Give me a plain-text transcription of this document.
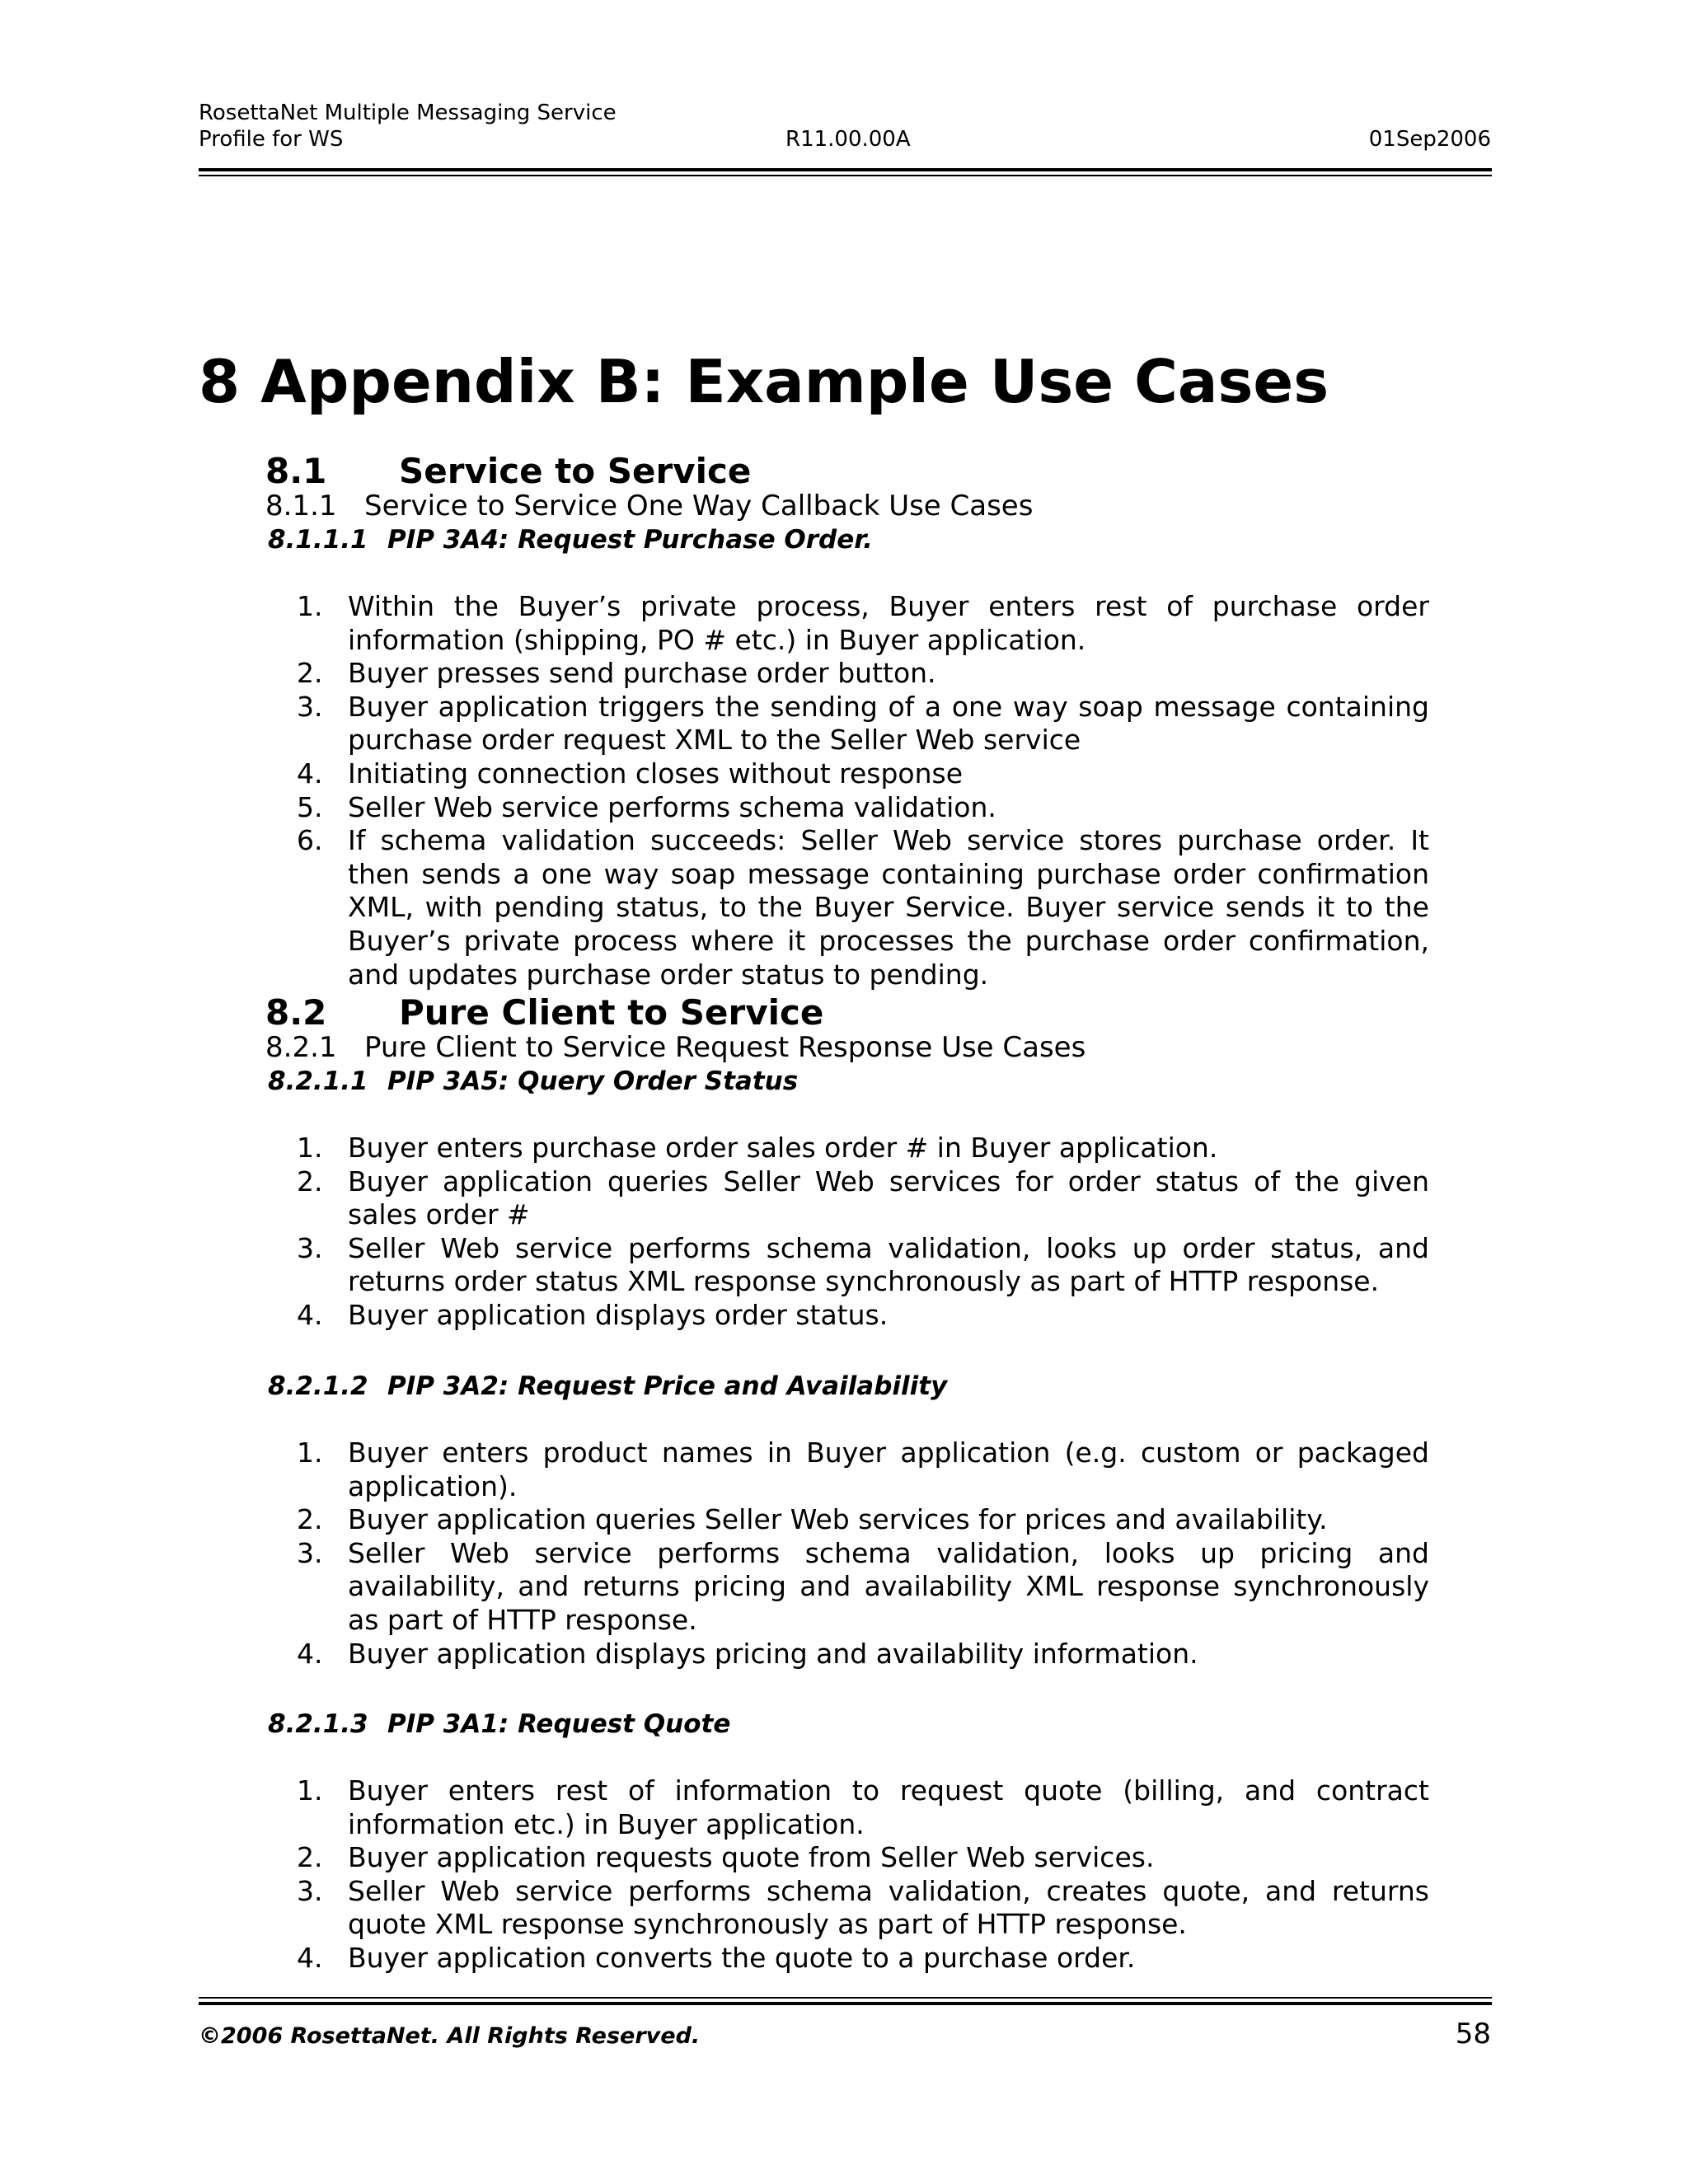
RosettaNet Multiple Messaging Service
Profile for WS	R11.00.00A	01Sep2006
8 Appendix B: Example Use Cases
8.1 Service to Service
8.1.1 Service to Service One Way Callback Use Cases
8.1.1.1 PIP 3A4: Request Purchase Order.
1. Within the Buyer’s private process, Buyer enters rest of purchase order information (shipping, PO # etc.) in Buyer application.
2. Buyer presses send purchase order button.
3. Buyer application triggers the sending of a one way soap message containing purchase order request XML to the Seller Web service
4. Initiating connection closes without response
5. Seller Web service performs schema validation.
6. If schema validation succeeds: Seller Web service stores purchase order. It then sends a one way soap message containing purchase order confirmation XML, with pending status, to the Buyer Service. Buyer service sends it to the Buyer’s private process where it processes the purchase order confirmation, and updates purchase order status to pending.
8.2 Pure Client to Service
8.2.1 Pure Client to Service Request Response Use Cases
8.2.1.1 PIP 3A5: Query Order Status
1. Buyer enters purchase order sales order # in Buyer application.
2. Buyer application queries Seller Web services for order status of the given sales order #
3. Seller Web service performs schema validation, looks up order status, and returns order status XML response synchronously as part of HTTP response.
4. Buyer application displays order status.
8.2.1.2 PIP 3A2: Request Price and Availability
1. Buyer enters product names in Buyer application (e.g. custom or packaged application).
2. Buyer application queries Seller Web services for prices and availability.
3. Seller Web service performs schema validation, looks up pricing and availability, and returns pricing and availability XML response synchronously as part of HTTP response.
4. Buyer application displays pricing and availability information.
8.2.1.3 PIP 3A1: Request Quote
1. Buyer enters rest of information to request quote (billing, and contract information etc.) in Buyer application.
2. Buyer application requests quote from Seller Web services.
3. Seller Web service performs schema validation, creates quote, and returns quote XML response synchronously as part of HTTP response.
4. Buyer application converts the quote to a purchase order.
©2006 RosettaNet. All Rights Reserved.	58
